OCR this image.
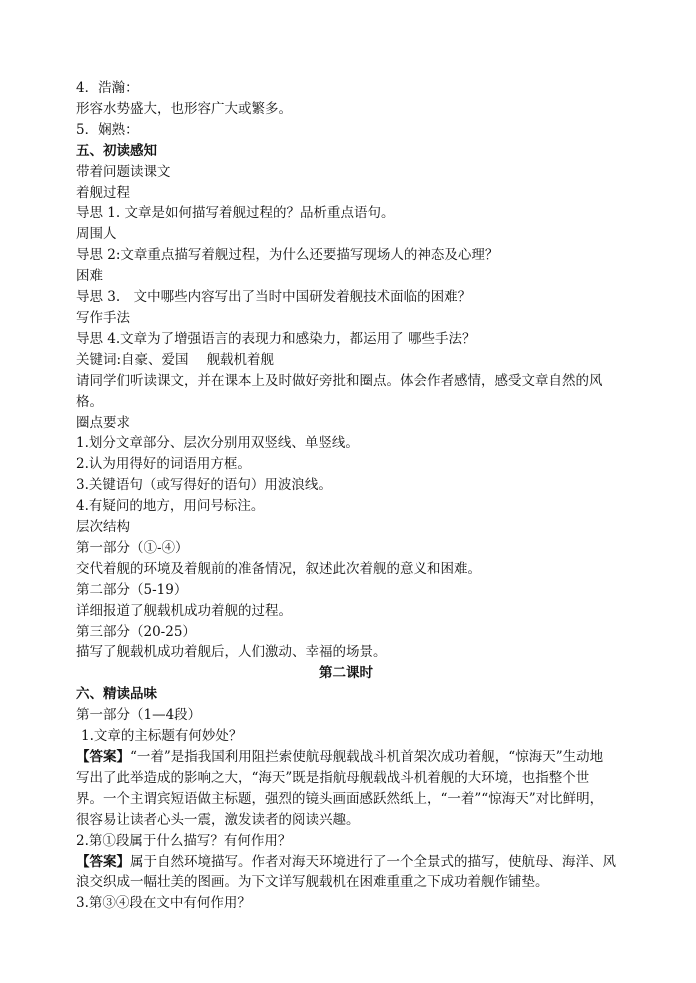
4．浩瀚：
形容水势盛大，也形容广大或繁多。
5．娴熟：
五、初读感知
带着问题读课文
着舰过程
导思 1. 文章是如何描写着舰过程的？品析重点语句。
周围人
导思 2:文章重点描写着舰过程，为什么还要描写现场人的神态及心理？
困难
导思 3.　文中哪些内容写出了当时中国研发着舰技术面临的困难？
写作手法
导思 4.文章为了增强语言的表现力和感染力，都运用了 哪些手法？
关键词:自豪、爱国 舰载机着舰
请同学们听读课文，并在课本上及时做好旁批和圈点。体会作者感情，感受文章自然的风格。
圈点要求
1.划分文章部分、层次分别用双竖线、单竖线。
2.认为用得好的词语用方框。
3.关键语句（或写得好的语句）用波浪线。
4.有疑问的地方，用问号标注。
层次结构
第一部分（①-④）
交代着舰的环境及着舰前的准备情况，叙述此次着舰的意义和困难。
第二部分（5-19）
详细报道了舰载机成功着舰的过程。
第三部分（20-25）
描写了舰载机成功着舰后，人们激动、幸福的场景。
第二课时
六、精读品味
第一部分（1—4段）
1.文章的主标题有何妙处？
【答案】“一着”是指我国利用阻拦索使航母舰载战斗机首架次成功着舰，“惊海天”生动地写出了此举造成的影响之大，“海天”既是指航母舰载战斗机着舰的大环境，也指整个世界。一个主谓宾短语做主标题，强烈的镜头画面感跃然纸上，“一着”“惊海天”对比鲜明，很容易让读者心头一震，激发读者的阅读兴趣。
2.第①段属于什么描写？有何作用？
【答案】属于自然环境描写。作者对海天环境进行了一个全景式的描写，使航母、海洋、风浪交织成一幅壮美的图画。为下文详写舰载机在困难重重之下成功着舰作铺垫。
3.第③④段在文中有何作用？
